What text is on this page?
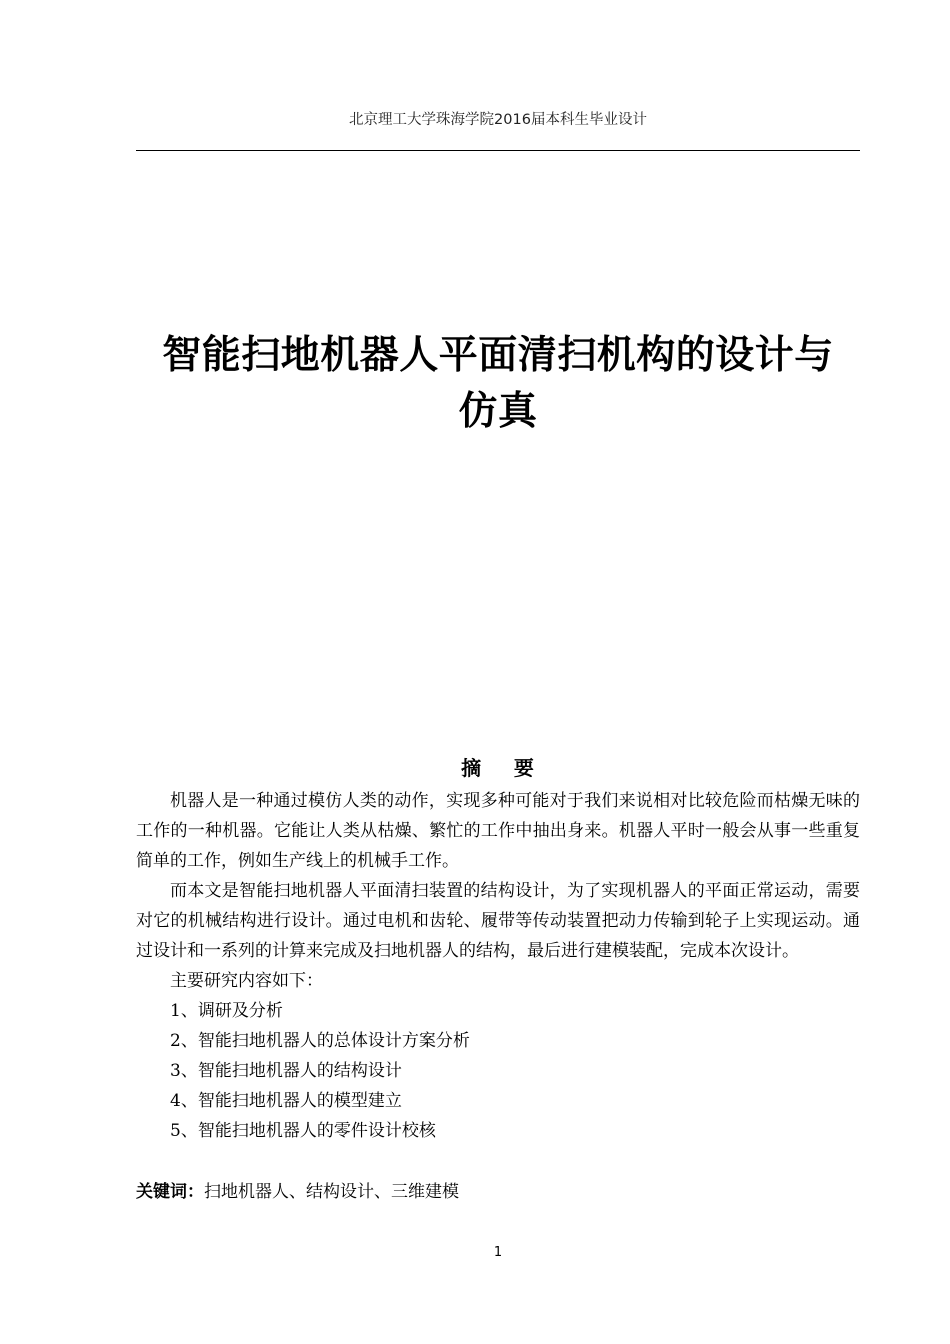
北京理工大学珠海学院2016届本科生毕业设计
智能扫地机器人平面清扫机构的设计与
仿真
摘    要

机器人是一种通过模仿人类的动作，实现多种可能对于我们来说相对比较危险而枯燥无味的工作的一种机器。它能让人类从枯燥、繁忙的工作中抽出身来。机器人平时一般会从事一些重复简单的工作，例如生产线上的机械手工作。

而本文是智能扫地机器人平面清扫装置的结构设计，为了实现机器人的平面正常运动，需要对它的机械结构进行设计。通过电机和齿轮、履带等传动装置把动力传输到轮子上实现运动。通过设计和一系列的计算来完成及扫地机器人的结构，最后进行建模装配，完成本次设计。

主要研究内容如下：

1、调研及分析

2、智能扫地机器人的总体设计方案分析

3、智能扫地机器人的结构设计

4、智能扫地机器人的模型建立

5、智能扫地机器人的零件设计校核

关键词：扫地机器人、结构设计、三维建模
1
